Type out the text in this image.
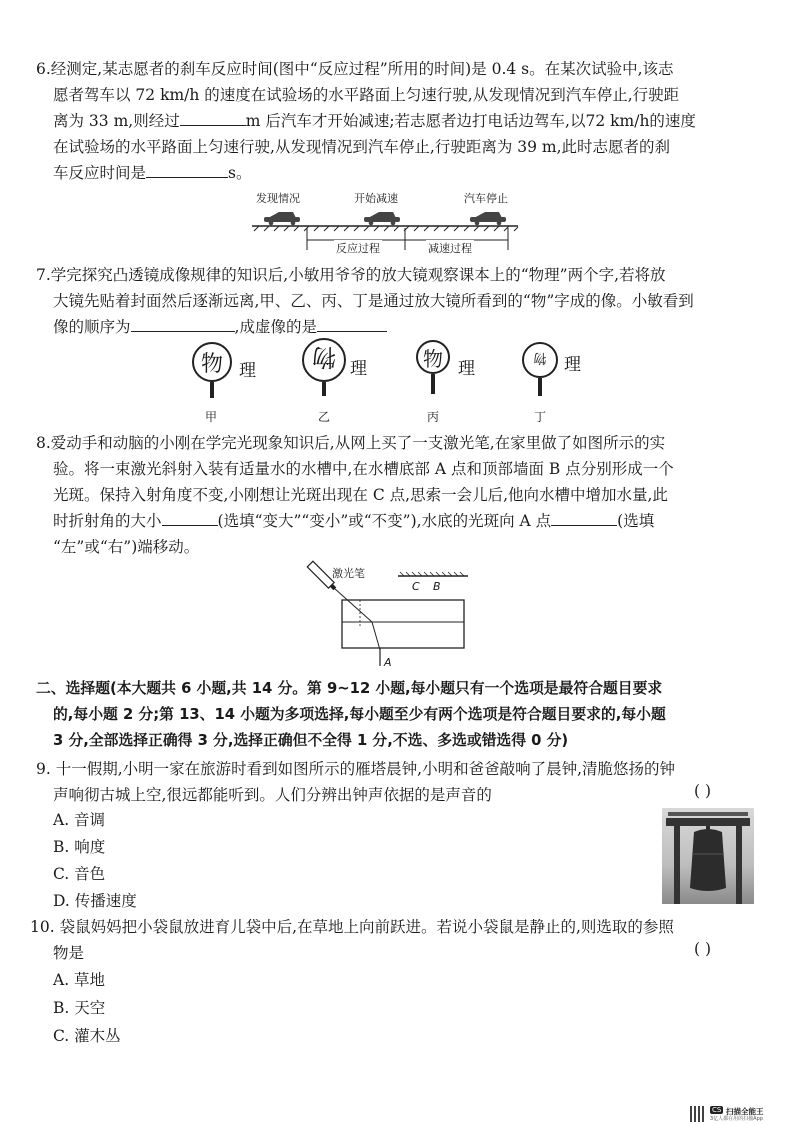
6.经测定,某志愿者的刹车反应时间(图中“反应过程”所用的时间)是 0.4 s。在某次试验中,该志

愿者驾车以 72 km/h 的速度在试验场的水平路面上匀速行驶,从发现情况到汽车停止,行驶距

离为 33 m,则经过	m 后汽车才开始减速;若志愿者边打电话边驾车,以72 km/h的速度

在试验场的水平路面上匀速行驶,从发现情况到汽车停止,行驶距离为 39 m,此时志愿者的刹

车反应时间是	s。

发现情况	开始减速	汽车停止
反应过程	减速过程

7.学完探究凸透镜成像规律的知识后,小敏用爷爷的放大镜观察课本上的“物理”两个字,若将放

大镜先贴着封面然后逐渐远离,甲、乙、丙、丁是通过放大镜所看到的“物”字成的像。小敏看到

像的顺序为	,成虚像的是

物 理 物 理	物 理
物 理
甲	乙	丙	丁

8.爱动手和动脑的小刚在学完光现象知识后,从网上买了一支激光笔,在家里做了如图所示的实

验。将一束激光斜射入装有适量水的水槽中,在水槽底部 A 点和顶部墙面 B 点分别形成一个

光斑。保持入射角度不变,小刚想让光斑出现在 C 点,思索一会儿后,他向水槽中增加水量,此

时折射角的大小	(选填“变大”“变小”或“不变”),水底的光斑向 A 点	(选填

“左”或“右”)端移动。

激光笔
C B
A

二、选择题(本大题共 6 小题,共 14 分。第 9~12 小题,每小题只有一个选项是最符合题目要求

的,每小题 2 分;第 13、14 小题为多项选择,每小题至少有两个选项是符合题目要求的,每小题

3 分,全部选择正确得 3 分,选择正确但不全得 1 分,不选、多选或错选得 0 分)

9. 十一假期,小明一家在旅游时看到如图所示的雁塔晨钟,小明和爸爸敲响了晨钟,清脆悠扬的钟

声响彻古城上空,很远都能听到。人们分辨出钟声依据的是声音的	( )
A. 音调
B. 响度
C. 音色
D. 传播速度

10. 袋鼠妈妈把小袋鼠放进育儿袋中后,在草地上向前跃进。若说小袋鼠是静止的,则选取的参照

物是	( )
A. 草地
B. 天空
C. 灌木丛
CS 扫描全能王
3亿人都在用的扫描App
